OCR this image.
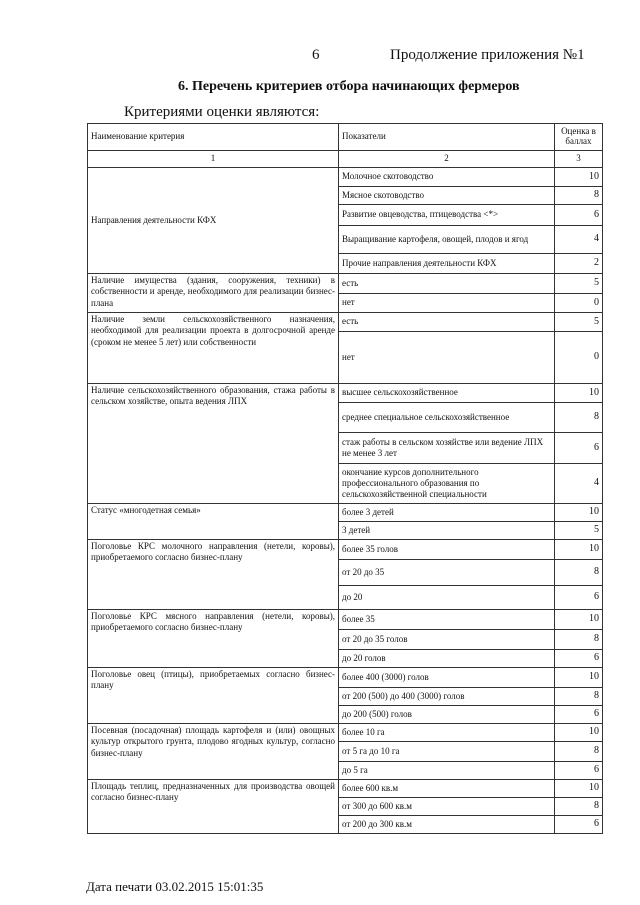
6	Продолжение приложения №1
6. Перечень критериев отбора начинающих фермеров
Критериями оценки являются:
Наименование критерия	Показатели	Оценка в баллах
1	2	3
Направления деятельности КФХ	Молочное скотоводство	10
	Мясное скотоводство	8
	Развитие овцеводства, птицеводства <*>	6
	Выращивание картофеля, овощей, плодов и ягод	4
	Прочие направления деятельности КФХ	2
Наличие имущества (здания, сооружения, техники) в собственности и аренде, необходимого для реализации бизнес-плана	есть	5
	нет	0
Наличие земли сельскохозяйственного назначения, необходимой для реализации проекта в долгосрочной аренде (сроком не менее 5 лет) или собственности	есть	5
	нет	0
Наличие сельскохозяйственного образования, стажа работы в сельском хозяйстве, опыта ведения ЛПХ	высшее сельскохозяйственное	10
	среднее специальное сельскохозяйственное	8
	стаж работы в сельском хозяйстве или ведение ЛПХ не менее 3 лет	6
	окончание курсов дополнительного профессионального образования по сельскохозяйственной специальности	4
Статус «многодетная семья»	более 3 детей	10
	3 детей	5
Поголовье КРС молочного направления (нетели, коровы), приобретаемого согласно бизнес-плану	более 35 голов	10
	от 20 до 35	8
	до 20	6
Поголовье КРС мясного направления (нетели, коровы), приобретаемого согласно бизнес-плану	более 35	10
	от 20 до 35 голов	8
	до 20 голов	6
Поголовье овец (птицы), приобретаемых согласно бизнес-плану	более 400 (3000) голов	10
	от 200 (500) до 400 (3000) голов	8
	до 200 (500) голов	6
Посевная (посадочная) площадь картофеля и (или) овощных культур открытого грунта, плодово ягодных культур, согласно бизнес-плану	более 10 га	10
	от 5 га до 10 га	8
	до 5 га	6
Площадь теплиц, предназначенных для производства овощей согласно бизнес-плану	более 600 кв.м	10
	от 300 до 600 кв.м	8
	от 200 до 300 кв.м	6
Дата печати 03.02.2015 15:01:35
